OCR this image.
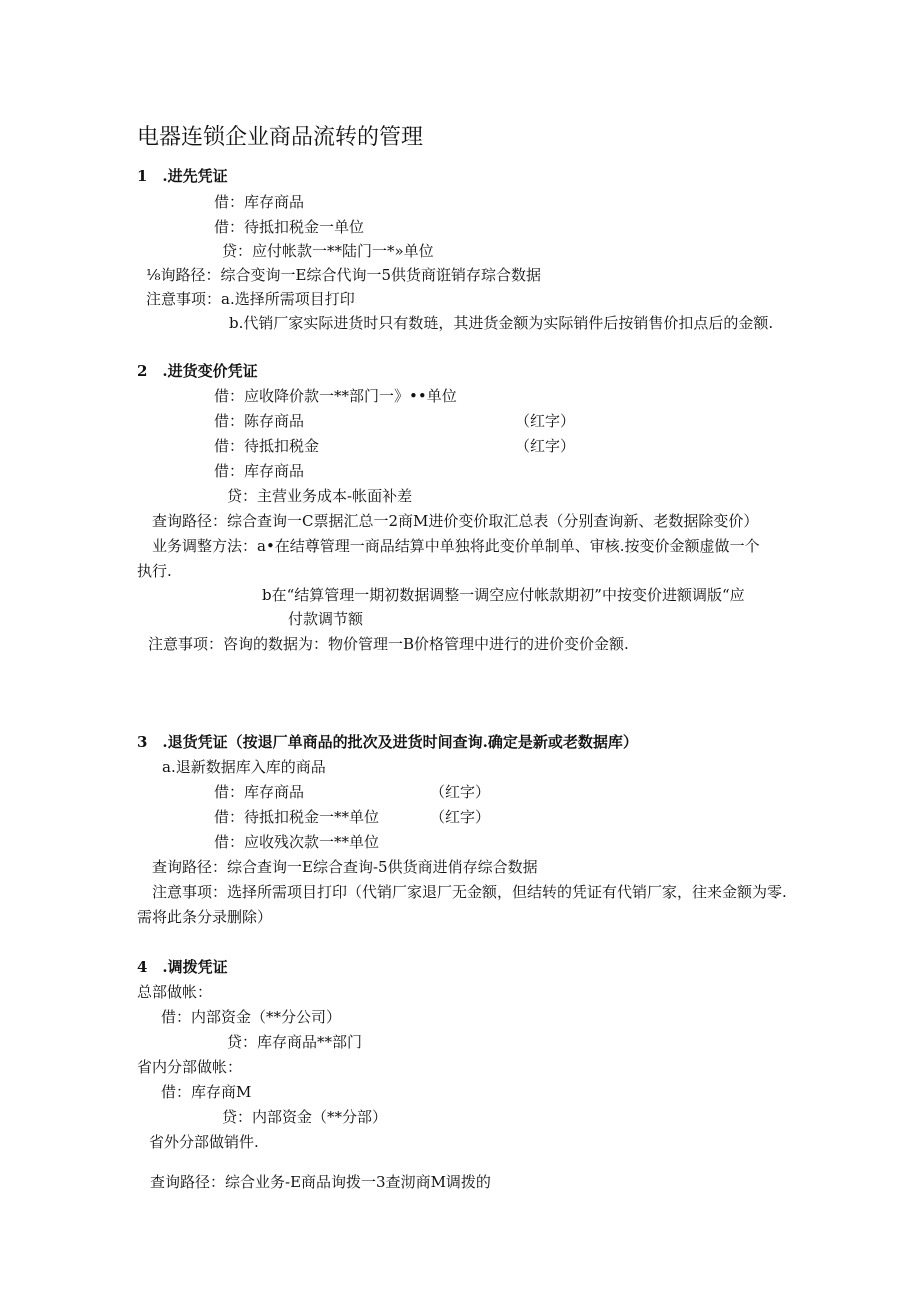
电器连锁企业商品流转的管理
1　.进先凭证
借：库存商品
借：待抵扣税金一单位
贷：应付帐款一**陆门一*»单位
⅛询路径：综合变询一E综合代询一5供货商诳销存琮合数据
注意事项：a.选择所需项目打印
b.代销厂家实际进货时只有数琏，其进货金额为实际销件后按销售价扣点后的金额.
2　.进货变价凭证
借：应收降价款一**部门一》••单位
借：陈存商品	（红字）
借：待抵扣税金	（红字）
借：库存商品
贷：主营业务成本-帐面补差
查询路径：综合查询一C票据汇总一2商M进价变价取汇总表（分别查询新、老数据除变价）
业务调整方法：a•在结尊管理一商品结算中单独将此变价单制单、审核.按变价金额虚做一个
执行.
b在“结算管理一期初数据调整一调空应付帐款期初”中按变价进额调版“应
付款调节额
注意事项：咨询的数据为：物价管理一B价格管理中进行的进价变价金额.
3　.退货凭证（按退厂单商品的批次及进货时间查询.确定是新或老数据库）
a.退新数据库入库的商品
借：库存商品	（红字）
借：待抵扣税金一**单位	（红字）
借：应收残次款一**单位
查询路径：综合查询一E综合查询-5供货商进俏存综合数据
注意事项：选择所需项目打印（代销厂家退厂无金额，但结转的凭证有代销厂家，往来金额为零.
需将此条分录删除）
4　.调拨凭证
总部做帐：
借：内部资金（**分公司）
贷：库存商品**部门
省内分部做帐：
借：库存商M
贷：内部资金（**分部）
省外分部做销件.
查询路径：综合业务-E商品询拨一3查沏商M调拨的
